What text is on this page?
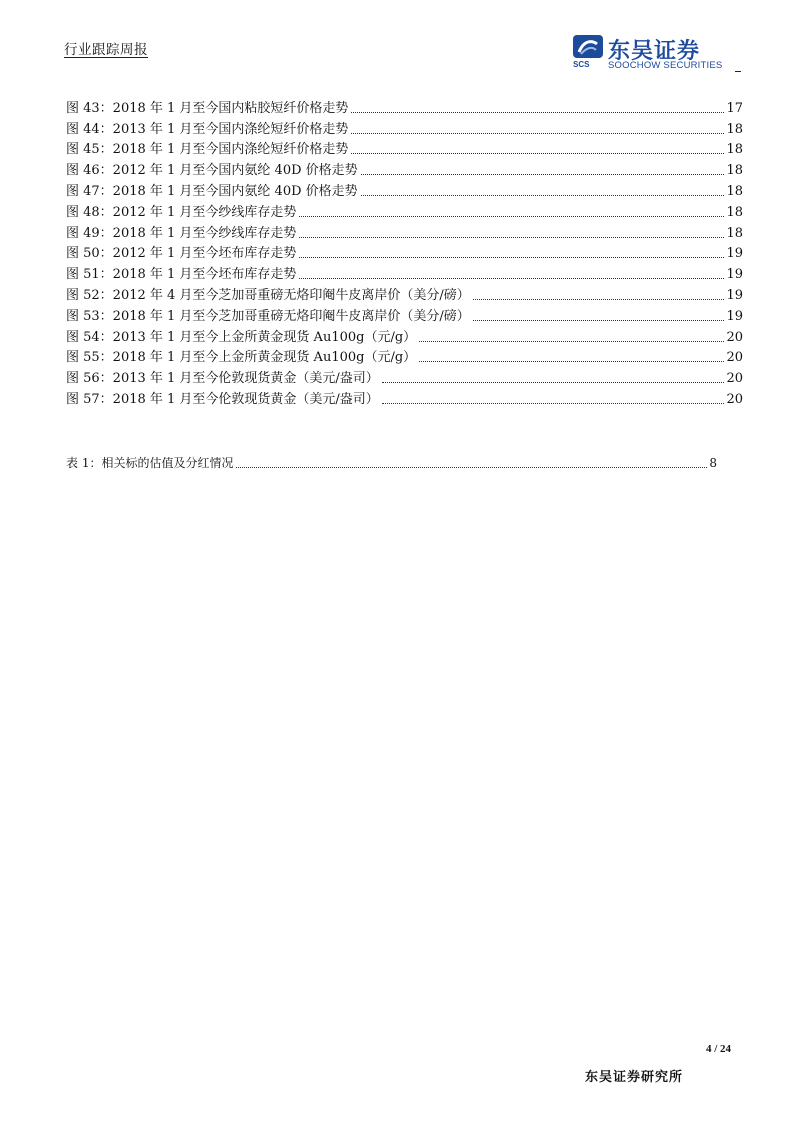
行业跟踪周报
SCS
东吴证券
SOOCHOW SECURITIES
图 43：2018 年 1 月至今国内粘胶短纤价格走势	17
图 44：2013 年 1 月至今国内涤纶短纤价格走势	18
图 45：2018 年 1 月至今国内涤纶短纤价格走势	18
图 46：2012 年 1 月至今国内氨纶 40D 价格走势	18
图 47：2018 年 1 月至今国内氨纶 40D 价格走势	18
图 48：2012 年 1 月至今纱线库存走势	18
图 49：2018 年 1 月至今纱线库存走势	18
图 50：2012 年 1 月至今坯布库存走势	19
图 51：2018 年 1 月至今坯布库存走势	19
图 52：2012 年 4 月至今芝加哥重磅无烙印阉牛皮离岸价（美分/磅）	19
图 53：2018 年 1 月至今芝加哥重磅无烙印阉牛皮离岸价（美分/磅）	19
图 54：2013 年 1 月至今上金所黄金现货 Au100g（元/g）	20
图 55：2018 年 1 月至今上金所黄金现货 Au100g（元/g）	20
图 56：2013 年 1 月至今伦敦现货黄金（美元/盎司）	20
图 57：2018 年 1 月至今伦敦现货黄金（美元/盎司）	20
表 1：相关标的估值及分红情况	8
4 / 24
东吴证券研究所
